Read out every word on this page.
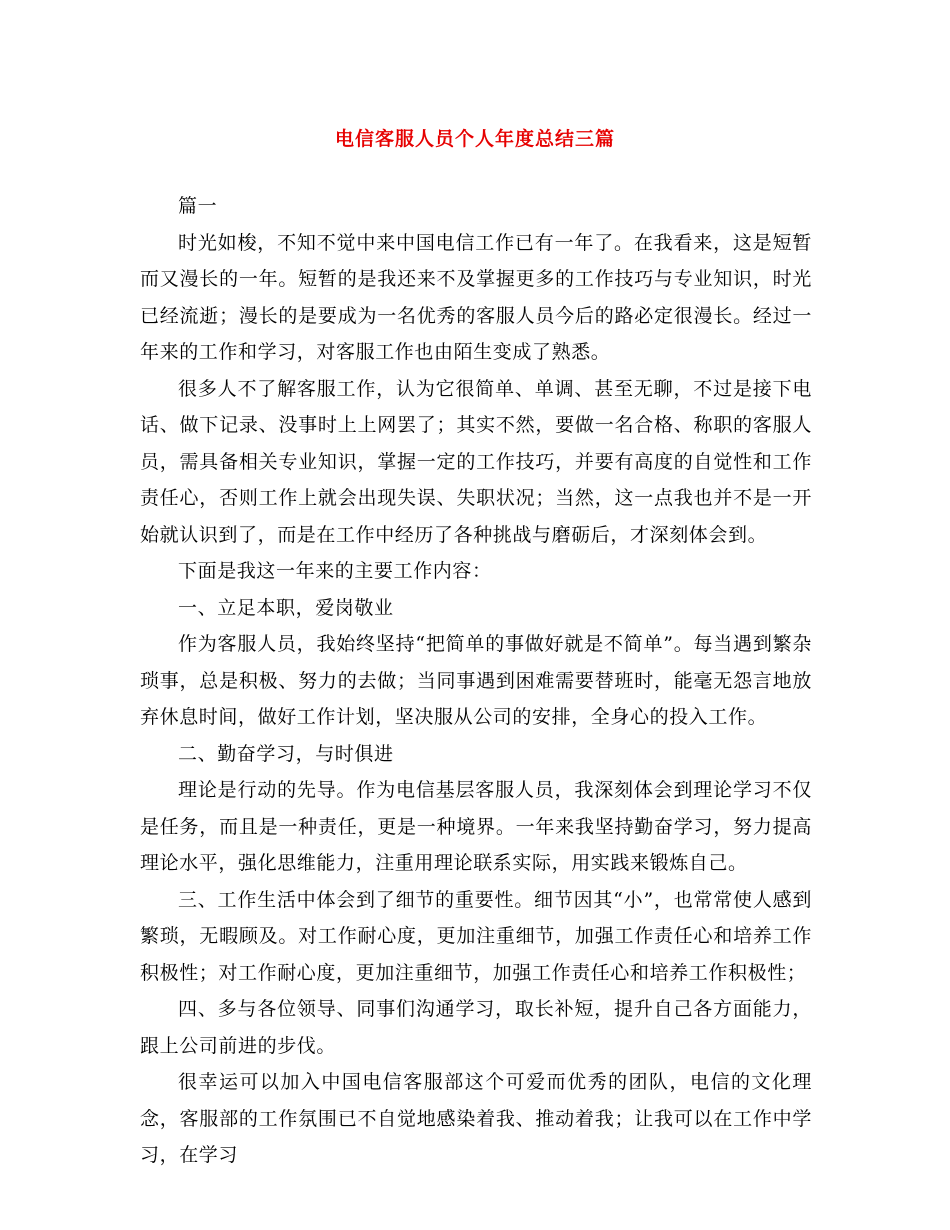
电信客服人员个人年度总结三篇

篇一

时光如梭，不知不觉中来中国电信工作已有一年了。在我看来，这是短暂而又漫长的一年。短暂的是我还来不及掌握更多的工作技巧与专业知识，时光已经流逝；漫长的是要成为一名优秀的客服人员今后的路必定很漫长。经过一年来的工作和学习，对客服工作也由陌生变成了熟悉。

很多人不了解客服工作，认为它很简单、单调、甚至无聊，不过是接下电话、做下记录、没事时上上网罢了；其实不然，要做一名合格、称职的客服人员，需具备相关专业知识，掌握一定的工作技巧，并要有高度的自觉性和工作责任心，否则工作上就会出现失误、失职状况；当然，这一点我也并不是一开始就认识到了，而是在工作中经历了各种挑战与磨砺后，才深刻体会到。

下面是我这一年来的主要工作内容：

一、立足本职，爱岗敬业

作为客服人员，我始终坚持“把简单的事做好就是不简单”。每当遇到繁杂琐事，总是积极、努力的去做；当同事遇到困难需要替班时，能毫无怨言地放弃休息时间，做好工作计划，坚决服从公司的安排，全身心的投入工作。

二、勤奋学习，与时俱进

理论是行动的先导。作为电信基层客服人员，我深刻体会到理论学习不仅是任务，而且是一种责任，更是一种境界。一年来我坚持勤奋学习，努力提高理论水平，强化思维能力，注重用理论联系实际，用实践来锻炼自己。

三、工作生活中体会到了细节的重要性。细节因其“小”，也常常使人感到繁琐，无暇顾及。对工作耐心度，更加注重细节，加强工作责任心和培养工作积极性；对工作耐心度，更加注重细节，加强工作责任心和培养工作积极性；

四、多与各位领导、同事们沟通学习，取长补短，提升自己各方面能力，跟上公司前进的步伐。

很幸运可以加入中国电信客服部这个可爱而优秀的团队，电信的文化理念，客服部的工作氛围已不自觉地感染着我、推动着我；让我可以在工作中学习，在学习
